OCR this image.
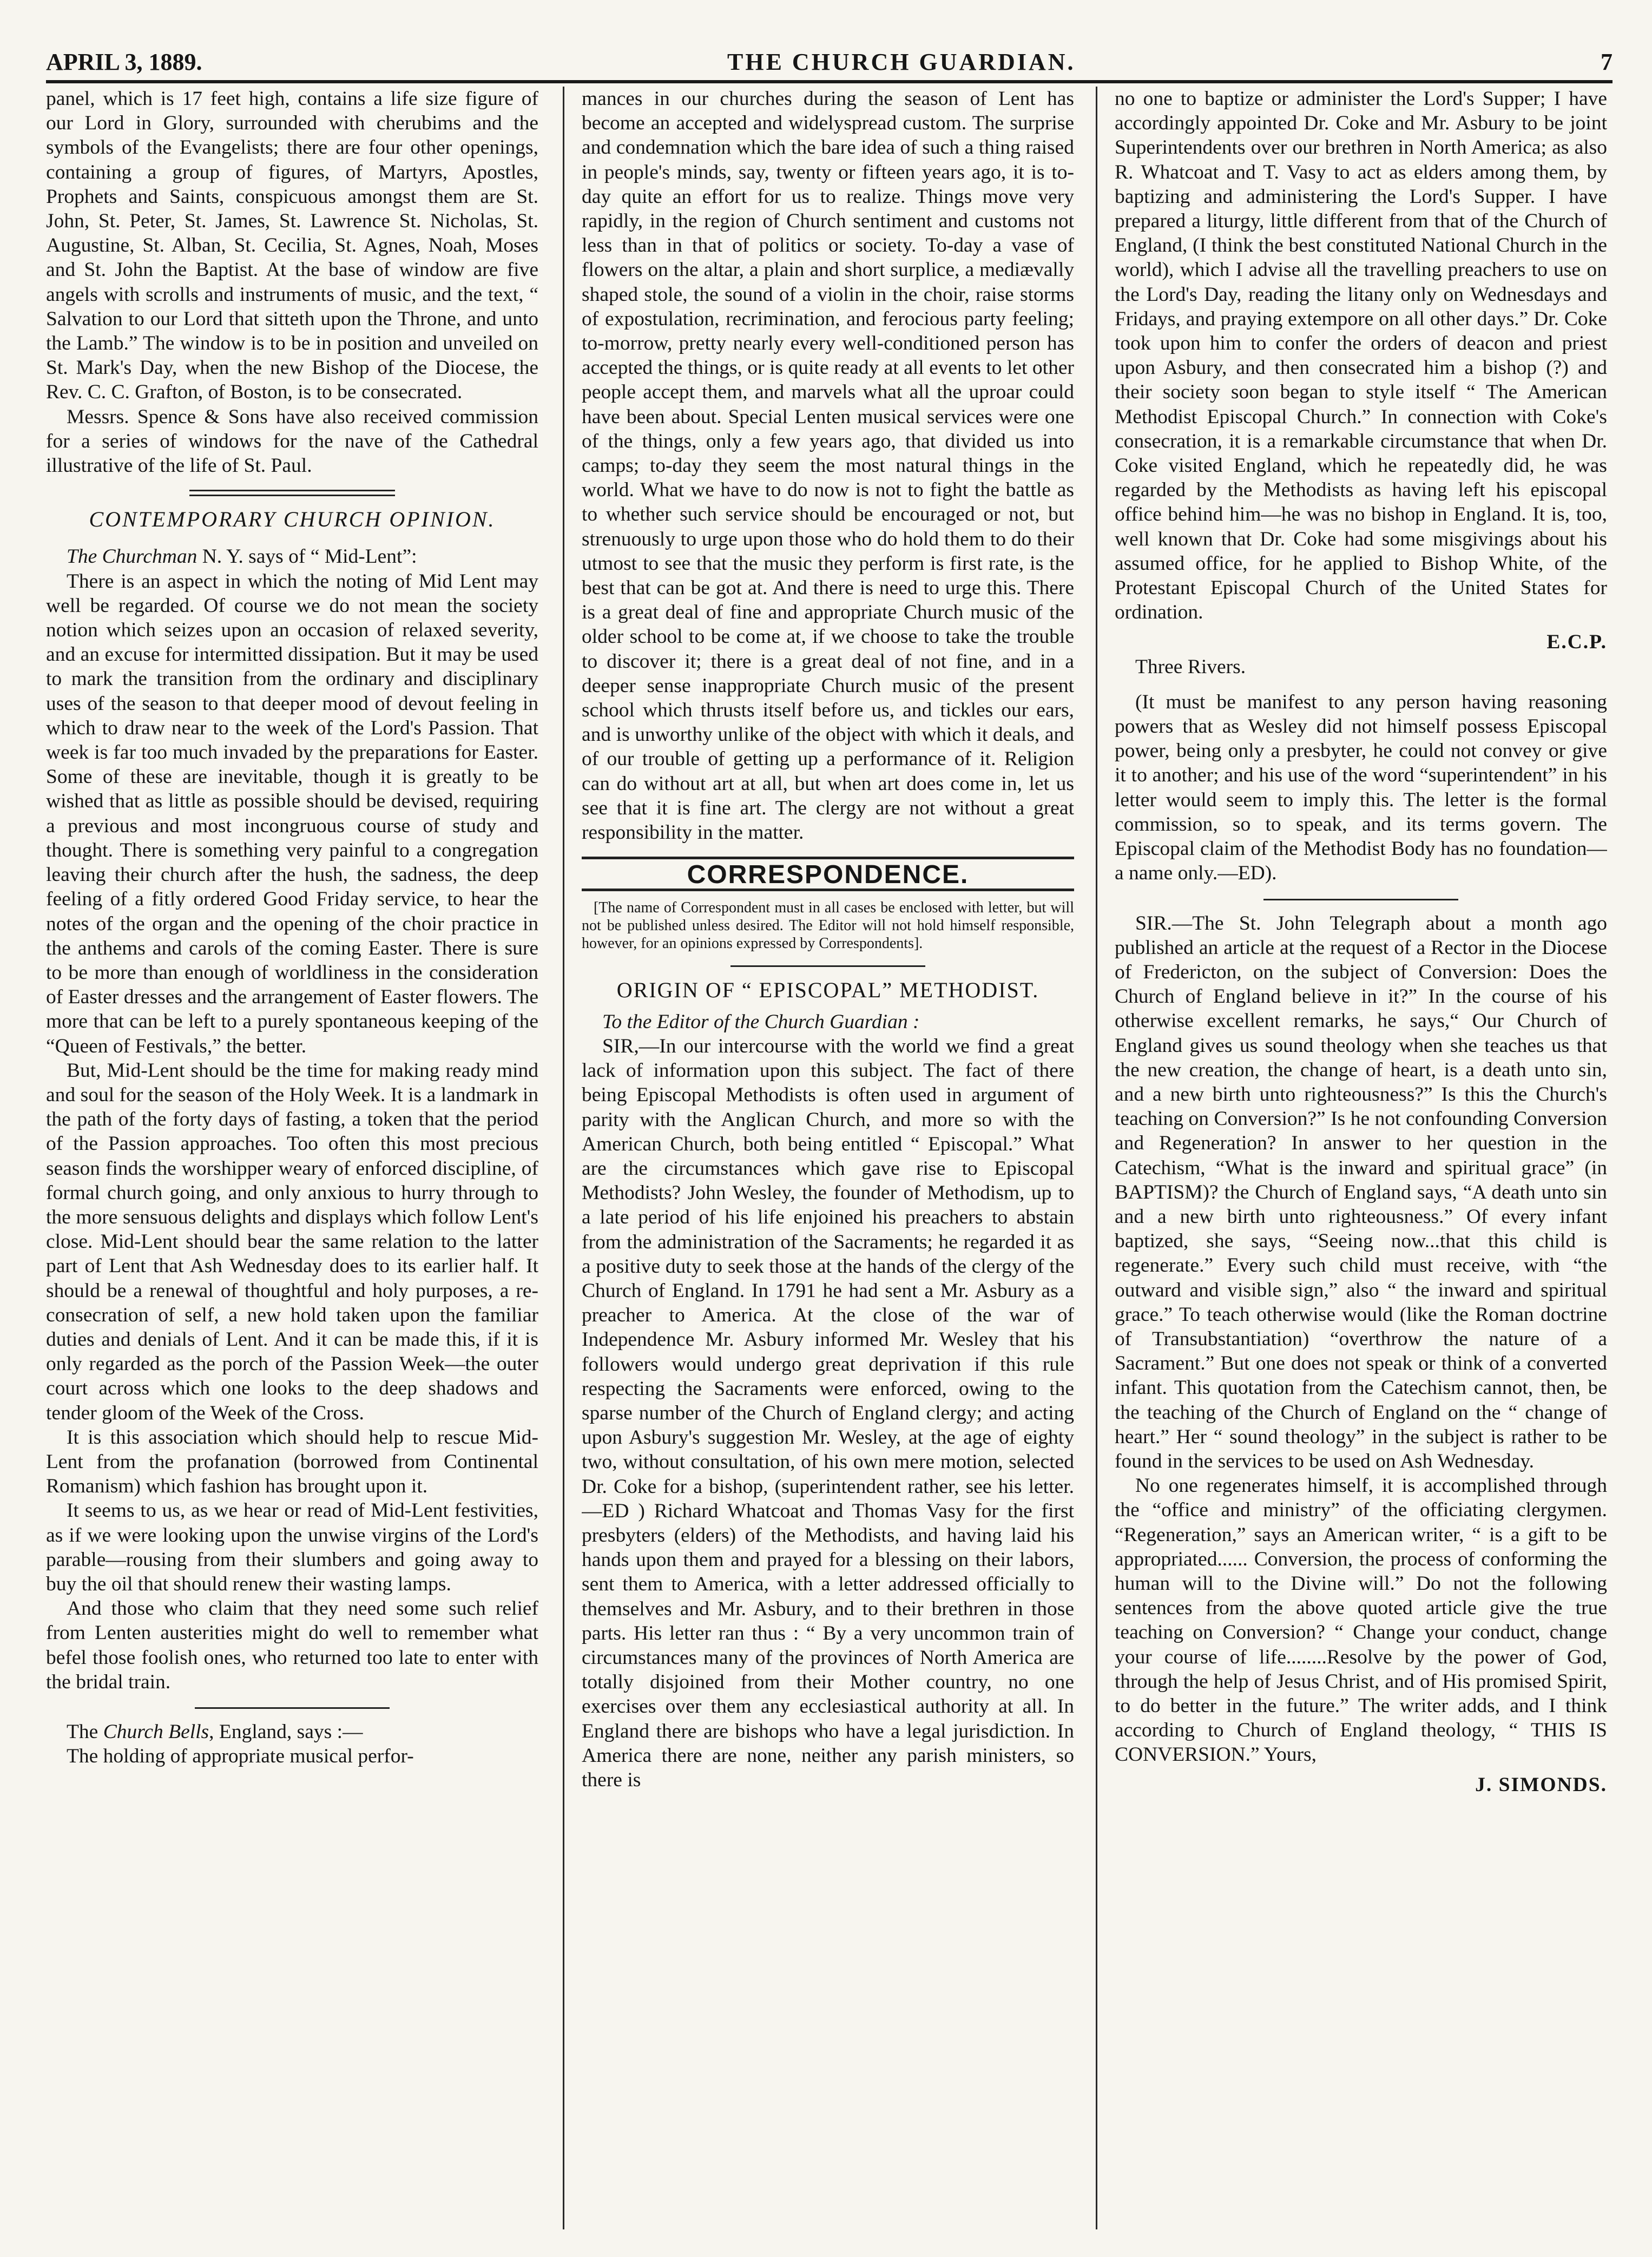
APRIL 3, 1889.	THE CHURCH GUARDIAN.	7

panel, which is 17 feet high, contains a life size figure of our Lord in Glory, surrounded with cherubims and the symbols of the Evangelists; there are four other openings, containing a group of figures, of Martyrs, Apostles, Prophets and Saints, conspicuous amongst them are St. John, St. Peter, St. James, St. Lawrence St. Nicholas, St. Augustine, St. Alban, St. Cecilia, St. Agnes, Noah, Moses and St. John the Baptist. At the base of window are five angels with scrolls and instruments of music, and the text, “ Salvation to our Lord that sitteth upon the Throne, and unto the Lamb.” The window is to be in position and unveiled on St. Mark's Day, when the new Bishop of the Diocese, the Rev. C. C. Grafton, of Boston, is to be consecrated.

Messrs. Spence & Sons have also received commission for a series of windows for the nave of the Cathedral illustrative of the life of St. Paul.

CONTEMPORARY CHURCH OPINION.

The Churchman N. Y. says of “ Mid-Lent”:

There is an aspect in which the noting of Mid Lent may well be regarded. Of course we do not mean the society notion which seizes upon an occasion of relaxed severity, and an excuse for intermitted dissipation. But it may be used to mark the transition from the ordinary and disciplinary uses of the season to that deeper mood of devout feeling in which to draw near to the week of the Lord's Passion. That week is far too much invaded by the preparations for Easter. Some of these are inevitable, though it is greatly to be wished that as little as possible should be devised, requiring a previous and most incongruous course of study and thought. There is something very painful to a congregation leaving their church after the hush, the sadness, the deep feeling of a fitly ordered Good Friday service, to hear the notes of the organ and the opening of the choir practice in the anthems and carols of the coming Easter. There is sure to be more than enough of worldliness in the consideration of Easter dresses and the arrangement of Easter flowers. The more that can be left to a purely spontaneous keeping of the “Queen of Festivals,” the better.

But, Mid-Lent should be the time for making ready mind and soul for the season of the Holy Week. It is a landmark in the path of the forty days of fasting, a token that the period of the Passion approaches. Too often this most precious season finds the worshipper weary of enforced discipline, of formal church going, and only anxious to hurry through to the more sensuous delights and displays which follow Lent's close. Mid-Lent should bear the same relation to the latter part of Lent that Ash Wednesday does to its earlier half. It should be a renewal of thoughtful and holy purposes, a re-consecration of self, a new hold taken upon the familiar duties and denials of Lent. And it can be made this, if it is only regarded as the porch of the Passion Week—the outer court across which one looks to the deep shadows and tender gloom of the Week of the Cross.

It is this association which should help to rescue Mid-Lent from the profanation (borrowed from Continental Romanism) which fashion has brought upon it.

It seems to us, as we hear or read of Mid-Lent festivities, as if we were looking upon the unwise virgins of the Lord's parable—rousing from their slumbers and going away to buy the oil that should renew their wasting lamps.

And those who claim that they need some such relief from Lenten austerities might do well to remember what befel those foolish ones, who returned too late to enter with the bridal train.

The Church Bells, England, says :—

The holding of appropriate musical perfor-

mances in our churches during the season of Lent has become an accepted and widelyspread custom. The surprise and condemnation which the bare idea of such a thing raised in people's minds, say, twenty or fifteen years ago, it is to-day quite an effort for us to realize. Things move very rapidly, in the region of Church sentiment and customs not less than in that of politics or society. To-day a vase of flowers on the altar, a plain and short surplice, a mediævally shaped stole, the sound of a violin in the choir, raise storms of expostulation, recrimination, and ferocious party feeling; to-morrow, pretty nearly every well-conditioned person has accepted the things, or is quite ready at all events to let other people accept them, and marvels what all the uproar could have been about. Special Lenten musical services were one of the things, only a few years ago, that divided us into camps; to-day they seem the most natural things in the world. What we have to do now is not to fight the battle as to whether such service should be encouraged or not, but strenuously to urge upon those who do hold them to do their utmost to see that the music they perform is first rate, is the best that can be got at. And there is need to urge this. There is a great deal of fine and appropriate Church music of the older school to be come at, if we choose to take the trouble to discover it; there is a great deal of not fine, and in a deeper sense inappropriate Church music of the present school which thrusts itself before us, and tickles our ears, and is unworthy unlike of the object with which it deals, and of our trouble of getting up a performance of it. Religion can do without art at all, but when art does come in, let us see that it is fine art. The clergy are not without a great responsibility in the matter.

CORRESPONDENCE.

[The name of Correspondent must in all cases be enclosed with letter, but will not be published unless desired. The Editor will not hold himself responsible, however, for an opinions expressed by Correspondents].

ORIGIN OF “ EPISCOPAL” METHODIST.

To the Editor of the Church Guardian :

SIR,—In our intercourse with the world we find a great lack of information upon this subject. The fact of there being Episcopal Methodists is often used in argument of parity with the Anglican Church, and more so with the American Church, both being entitled “ Episcopal.” What are the circumstances which gave rise to Episcopal Methodists? John Wesley, the founder of Methodism, up to a late period of his life enjoined his preachers to abstain from the administration of the Sacraments; he regarded it as a positive duty to seek those at the hands of the clergy of the Church of England. In 1791 he had sent a Mr. Asbury as a preacher to America. At the close of the war of Independence Mr. Asbury informed Mr. Wesley that his followers would undergo great deprivation if this rule respecting the Sacraments were enforced, owing to the sparse number of the Church of England clergy; and acting upon Asbury's suggestion Mr. Wesley, at the age of eighty two, without consultation, of his own mere motion, selected Dr. Coke for a bishop, (superintendent rather, see his letter. —ED ) Richard Whatcoat and Thomas Vasy for the first presbyters (elders) of the Methodists, and having laid his hands upon them and prayed for a blessing on their labors, sent them to America, with a letter addressed officially to themselves and Mr. Asbury, and to their brethren in those parts. His letter ran thus : “ By a very uncommon train of circumstances many of the provinces of North America are totally disjoined from their Mother country, no one exercises over them any ecclesiastical authority at all. In England there are bishops who have a legal jurisdiction. In America there are none, neither any parish ministers, so there is

no one to baptize or administer the Lord's Supper; I have accordingly appointed Dr. Coke and Mr. Asbury to be joint Superintendents over our brethren in North America; as also R. Whatcoat and T. Vasy to act as elders among them, by baptizing and administering the Lord's Supper. I have prepared a liturgy, little different from that of the Church of England, (I think the best constituted National Church in the world), which I advise all the travelling preachers to use on the Lord's Day, reading the litany only on Wednesdays and Fridays, and praying extempore on all other days.” Dr. Coke took upon him to confer the orders of deacon and priest upon Asbury, and then consecrated him a bishop (?) and their society soon began to style itself “ The American Methodist Episcopal Church.” In connection with Coke's consecration, it is a remarkable circumstance that when Dr. Coke visited England, which he repeatedly did, he was regarded by the Methodists as having left his episcopal office behind him—he was no bishop in England. It is, too, well known that Dr. Coke had some misgivings about his assumed office, for he applied to Bishop White, of the Protestant Episcopal Church of the United States for ordination.

E.C.P.

Three Rivers.

(It must be manifest to any person having reasoning powers that as Wesley did not himself possess Episcopal power, being only a presbyter, he could not convey or give it to another; and his use of the word “superintendent” in his letter would seem to imply this. The letter is the formal commission, so to speak, and its terms govern. The Episcopal claim of the Methodist Body has no foundation—a name only.—ED).

SIR.—The St. John Telegraph about a month ago published an article at the request of a Rector in the Diocese of Fredericton, on the subject of Conversion: Does the Church of England believe in it?” In the course of his otherwise excellent remarks, he says,“ Our Church of England gives us sound theology when she teaches us that the new creation, the change of heart, is a death unto sin, and a new birth unto righteousness?” Is this the Church's teaching on Conversion?” Is he not confounding Conversion and Regeneration? In answer to her question in the Catechism, “What is the inward and spiritual grace” (in BAPTISM)? the Church of England says, “A death unto sin and a new birth unto righteousness.” Of every infant baptized, she says, “Seeing now...that this child is regenerate.” Every such child must receive, with “the outward and visible sign,” also “ the inward and spiritual grace.” To teach otherwise would (like the Roman doctrine of Transubstantiation) “overthrow the nature of a Sacrament.” But one does not speak or think of a converted infant. This quotation from the Catechism cannot, then, be the teaching of the Church of England on the “ change of heart.” Her “ sound theology” in the subject is rather to be found in the services to be used on Ash Wednesday.

No one regenerates himself, it is accomplished through the “office and ministry” of the officiating clergymen. “Regeneration,” says an American writer, “ is a gift to be appropriated...... Conversion, the process of conforming the human will to the Divine will.” Do not the following sentences from the above quoted article give the true teaching on Conversion? “ Change your conduct, change your course of life........Resolve by the power of God, through the help of Jesus Christ, and of His promised Spirit, to do better in the future.” The writer adds, and I think according to Church of England theology, “ THIS IS CONVERSION.” Yours,

J. SIMONDS.
